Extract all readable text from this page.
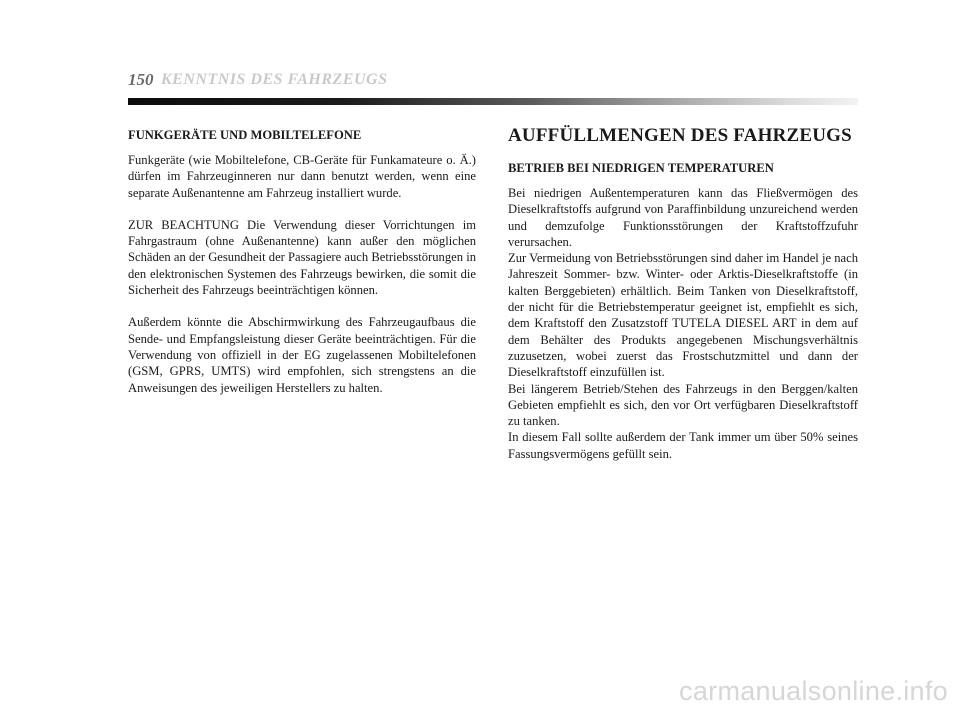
150 KENNTNIS DES FAHRZEUGS
FUNKGERÄTE UND MOBILTELEFONE

Funkgeräte (wie Mobiltelefone, CB-Geräte für Funkamateure o. Ä.) dürfen im Fahrzeuginneren nur dann benutzt werden, wenn eine separate Außenantenne am Fahrzeug installiert wurde.

ZUR BEACHTUNG Die Verwendung dieser Vorrichtungen im Fahrgastraum (ohne Außenantenne) kann außer den möglichen Schäden an der Gesundheit der Passagiere auch Betriebsstörungen in den elektronischen Systemen des Fahrzeugs bewirken, die somit die Sicherheit des Fahrzeugs beeinträchtigen können.

Außerdem könnte die Abschirmwirkung des Fahrzeugaufbaus die Sende- und Empfangsleistung dieser Geräte beeinträchtigen. Für die Verwendung von offiziell in der EG zugelassenen Mobiltelefonen (GSM, GPRS, UMTS) wird empfohlen, sich strengstens an die Anweisungen des jeweiligen Herstellers zu halten.

AUFFÜLLMENGEN DES FAHRZEUGS
BETRIEB BEI NIEDRIGEN TEMPERATUREN

Bei niedrigen Außentemperaturen kann das Fließvermögen des Dieselkraftstoffs aufgrund von Paraffinbildung unzureichend werden und demzufolge Funktionsstörungen der Kraftstoffzufuhr verursachen.

Zur Vermeidung von Betriebsstörungen sind daher im Handel je nach Jahreszeit Sommer- bzw. Winter- oder Arktis-Dieselkraftstoffe (in kalten Berggebieten) erhältlich. Beim Tanken von Dieselkraftstoff, der nicht für die Betriebstemperatur geeignet ist, empfiehlt es sich, dem Kraftstoff den Zusatzstoff TUTELA DIESEL ART in dem auf dem Behälter des Produkts angegebenen Mischungsverhältnis zuzusetzen, wobei zuerst das Frostschutzmittel und dann der Dieselkraftstoff einzufüllen ist.

Bei längerem Betrieb/Stehen des Fahrzeugs in den Berggen/kalten Gebieten empfiehlt es sich, den vor Ort verfügbaren Dieselkraftstoff zu tanken.

In diesem Fall sollte außerdem der Tank immer um über 50% seines Fassungsvermögens gefüllt sein.

carmanualsonline.info
